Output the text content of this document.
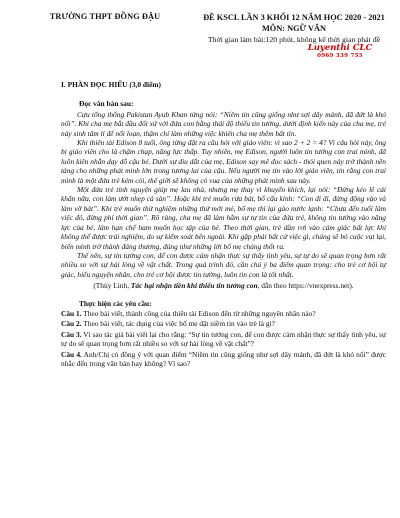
TRƯỜNG THPT ĐỒNG ĐẬU	ĐỀ KSCL LẦN 3 KHỐI 12 NĂM HỌC 2020 - 2021
MÔN: NGỮ VĂN
Thời gian làm bài:120 phút, không kể thời gian phát đề
Luyenthi CLC
0969 339 755
I. PHẦN ĐỌC HIỂU (3,0 điểm)
Đọc văn bản sau:

Cựu tổng thống Pakistan Ayub Khan từng nói: “Niềm tin cũng giống như sợi dây mảnh, đã đứt là khó nối”. Khi cha mẹ bắt đầu đối xử với đứa con bằng thái độ thiếu tin tưởng, dưới định kiến này của cha mẹ, trẻ này sinh tâm lí để nổi loạn, thậm chí làm những việc khiến cha mẹ thêm bất tín.

Khi thiên tài Edison 8 tuổi, ông từng đặt ra câu hỏi với giáo viên: vì sao 2 + 2 = 4? Vì câu hỏi này, ông bị giáo viên cho là chậm chạp, năng lực thấp. Tuy nhiên, mẹ Edison, người luôn tin tưởng con trai mình, đã luôn kiên nhẫn dạy dỗ cậu bé. Dưới sự dìu dắt của mẹ, Edison say mê đọc sách - thói quen này trở thành nền tảng cho những phát minh lớn trong tương lai của cậu. Nếu người mẹ tin vào lời giáo viên, tin rằng con trai mình là một đứa trẻ kém cỏi, thế giới sẽ không có vua của những phát minh sau này.

Một đứa trẻ tính nguyện giúp mẹ lau nhà, nhưng mẹ thay vì khuyến khích, lại nói: “Đừng kéo lê cái khăn nữa, con làm ướt nhẹp cả sàn”. Hoặc khi trẻ muốn rửa bát, bố cấu kỉnh: “Con đi đi, đừng động vào và làm vỡ bát”. Khi trẻ muốn thử nghiệm những thứ mới mẻ, bố mẹ thì lại gào nước lạnh: “Chưa đến tuổi làm việc đó, đừng phí thời gian”. Rõ ràng, cha mẹ đã làm hằm sự tự tin của đứa trẻ, không tin tưởng vào năng lực của bé, làm hạn chế ham muốn học tập của bé. Theo thời gian, trẻ dần rơi vào cảm giác bất lực khi không thể được trải nghiệm, do sự kiểm soát bên ngoài. Khi gặp phải bất cứ việc gì, chúng sẽ bỏ cuộc vụt lại, biến mình trở thành đáng thương, đúng như những lời bố mẹ chúng thốt ra.

Thế nên, sự tin tưởng con, để con được cảm nhận thực sự thấy tình yêu, sự tự do sẽ quan trọng hơn rất nhiều so với sự hài lòng về vật chất. Trong quá trình đó, cần chú ý ba điểm quan trọng: cho trẻ cơ hội tự giác, hiểu nguyện nhân, cho trẻ cơ hội được tin tưởng, luôn tin con là tốt nhất.

(Thùy Linh, Tác hại nhận tiền khi thiếu tin tưởng con, dẫn theo https://vnexpress.net).
Thực hiện các yêu cầu:

Câu 1. Theo bài viết, thành công của thiên tài Edison đến từ những nguyên nhân nào?

Câu 2. Theo bài viết, tác dụng của việc bố mẹ đặt niềm tin vào trẻ là gì?

Câu 3. Vì sao tác giả bài viết lại cho rằng: “Sự tin tưởng con, để con được cảm nhận thực sự thấy tình yêu, sự tự do sẽ quan trọng hơn rất nhiều so với sự hài lòng về vật chất”?

Câu 4. Anh/Chị có đồng ý với quan điểm “Niềm tin cũng giống như sợi dây mảnh, đã đứt là khó nối” được nhắc đến trong văn bản hay không? Vì sao?
